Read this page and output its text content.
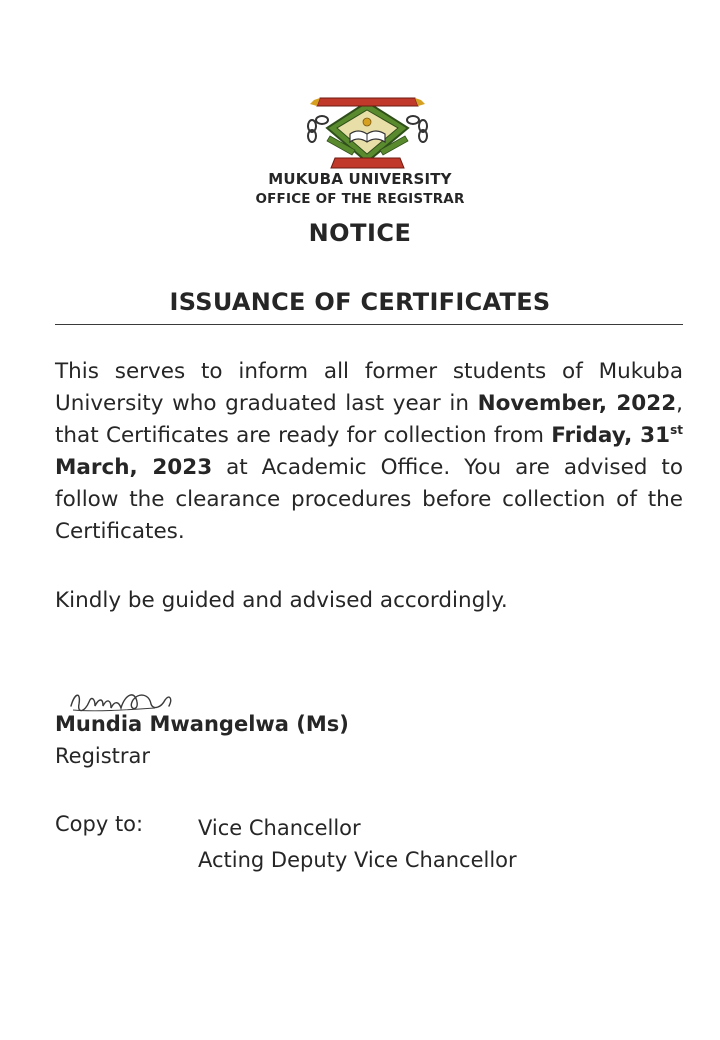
MUKUBA UNIVERSITY
OFFICE OF THE REGISTRAR
NOTICE
ISSUANCE OF CERTIFICATES
This serves to inform all former students of Mukuba University who graduated last year in November, 2022, that Certificates are ready for collection from Friday, 31st March, 2023 at Academic Office. You are advised to follow the clearance procedures before collection of the Certificates.
Kindly be guided and advised accordingly.
Mundia Mwangelwa (Ms)
Registrar
Copy to:	Vice Chancellor
Acting Deputy Vice Chancellor
